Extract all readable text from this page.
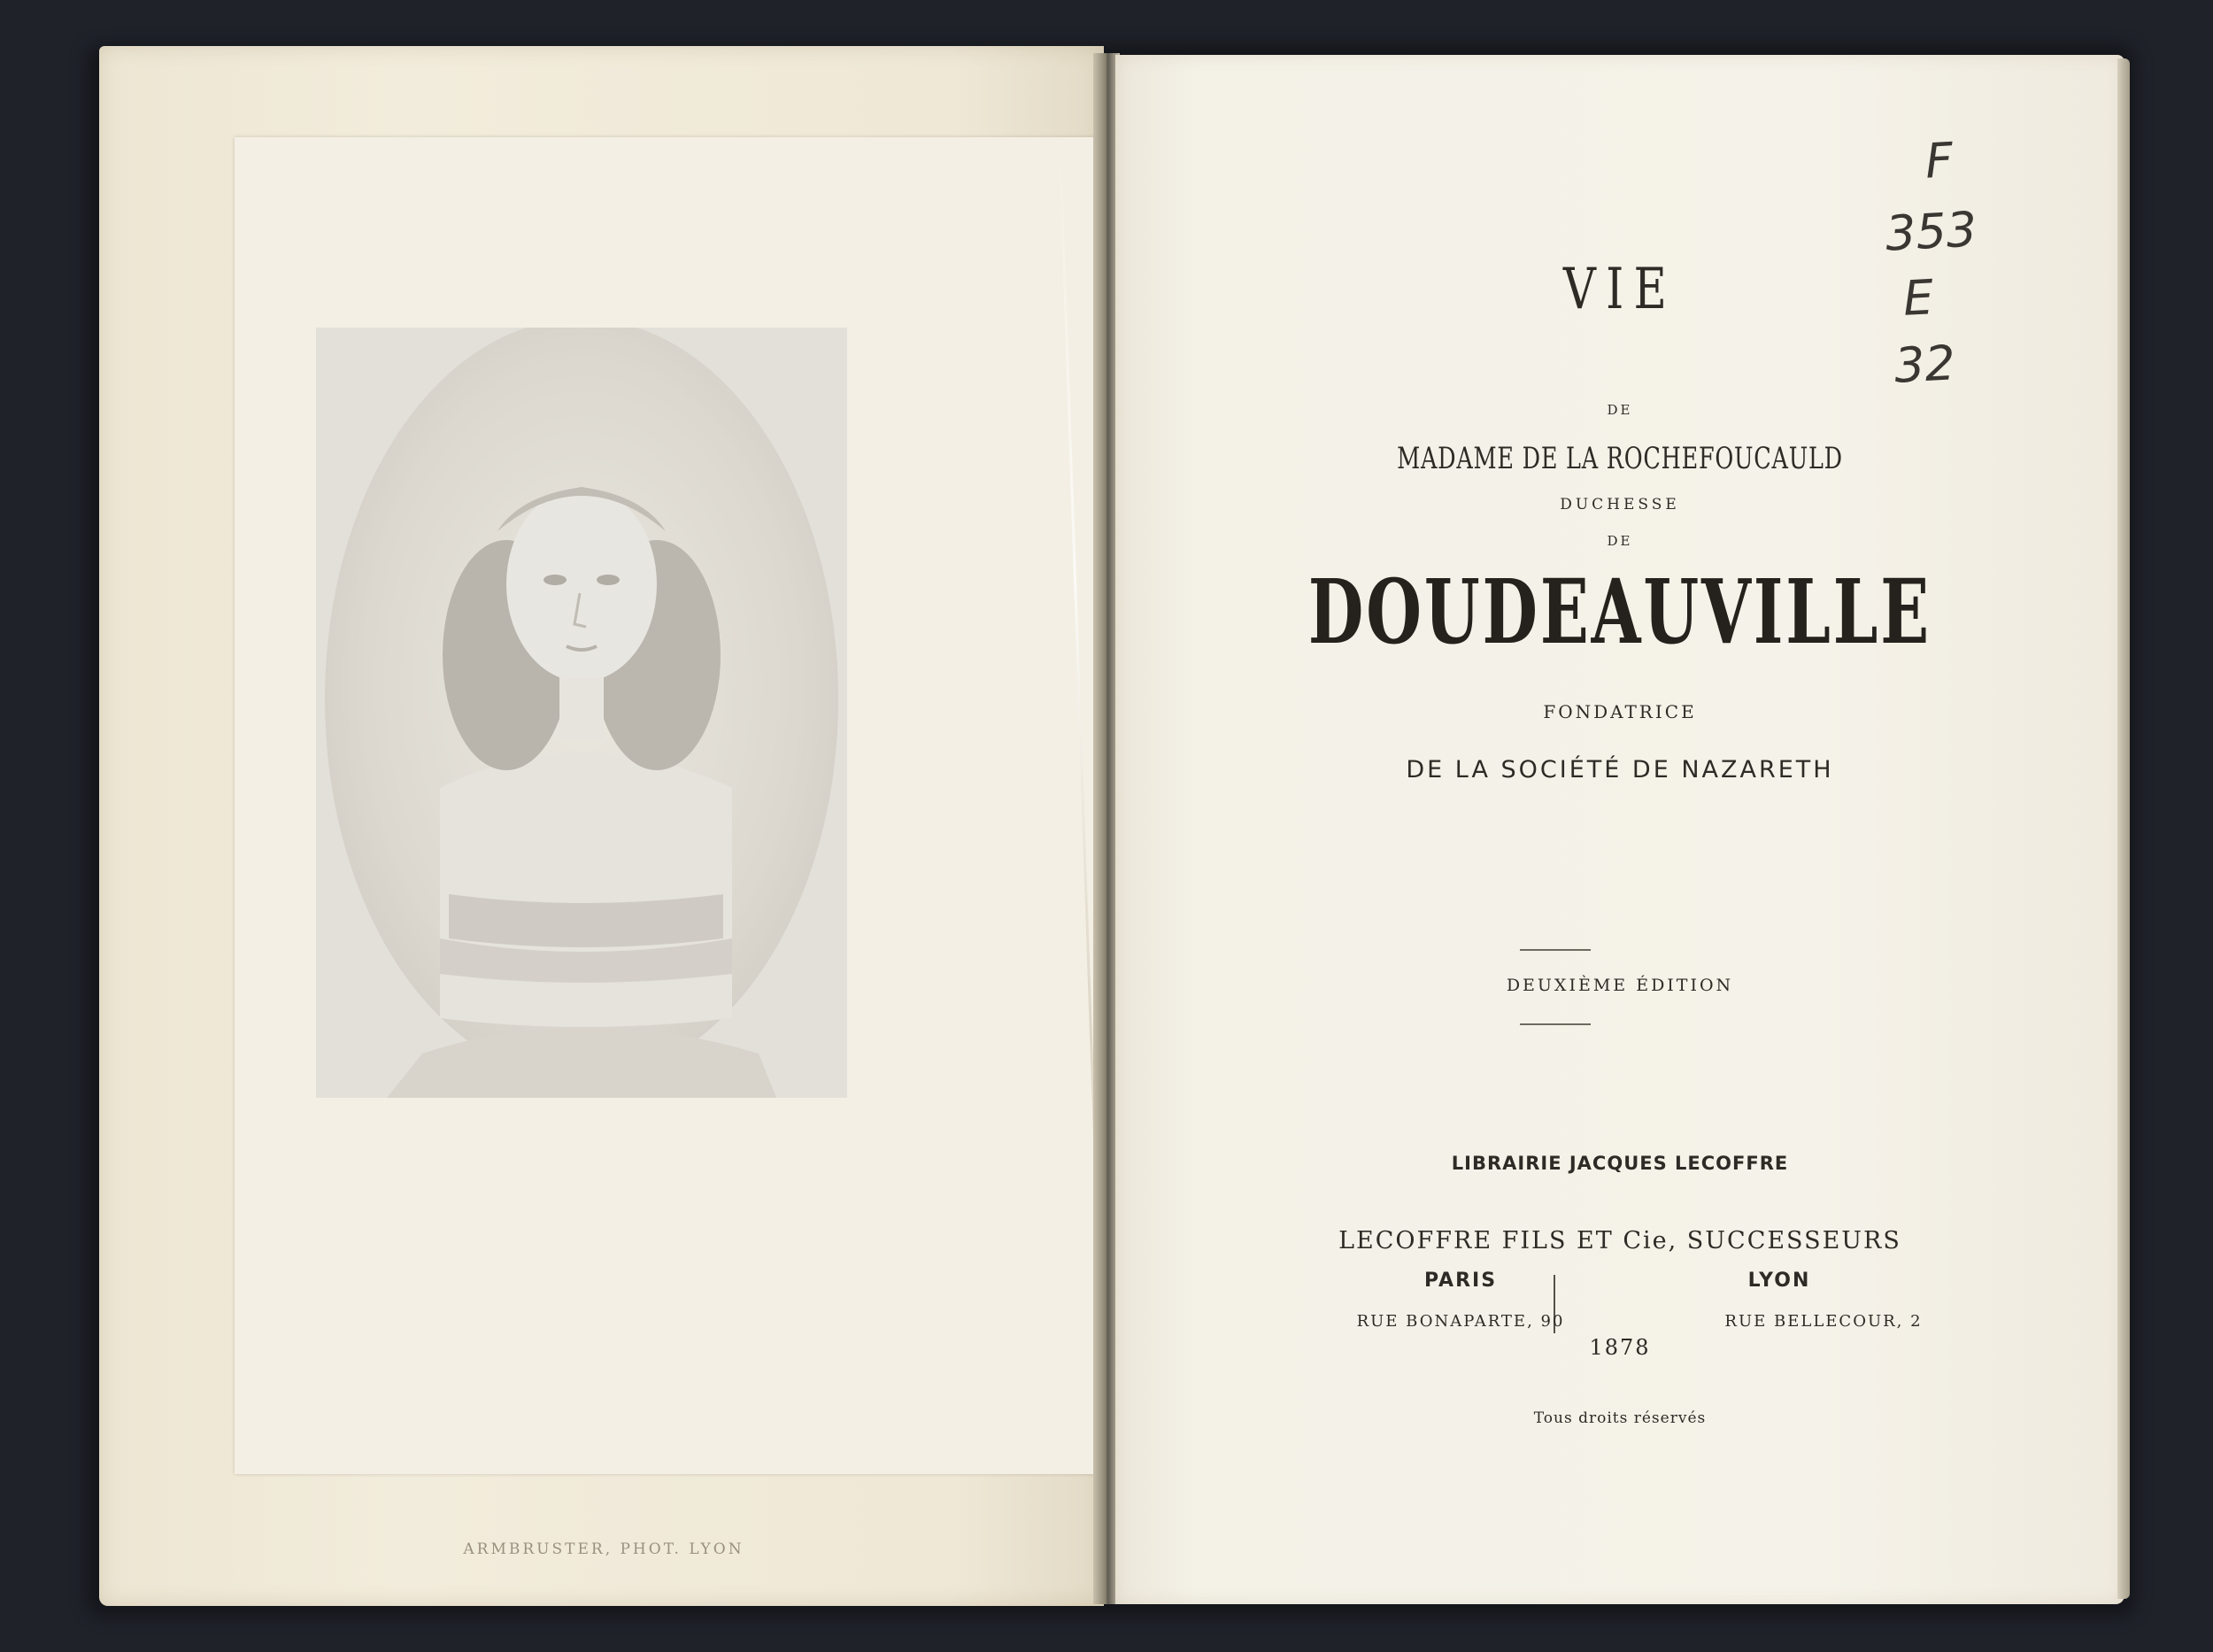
ARMBRUSTER, PHOT. LYON
VIE
DE
MADAME DE LA ROCHEFOUCAULD
DUCHESSE
DE
DOUDEAUVILLE
FONDATRICE
DE LA SOCIÉTÉ DE NAZARETH
DEUXIÈME ÉDITION
LIBRAIRIE JACQUES LECOFFRE
LECOFFRE FILS ET Cie, SUCCESSEURS
PARIS	LYON
RUE BONAPARTE, 90	RUE BELLECOUR, 2
1878
Tous droits réservés
F
353
E
32
